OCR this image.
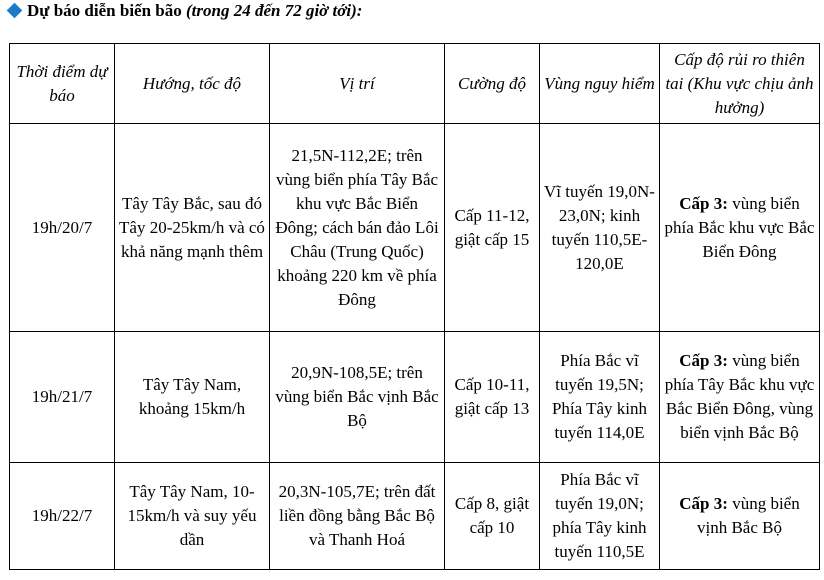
Dự báo diễn biến bão (trong 24 đến 72 giờ tới):
Thời điểm dự báo	Hướng, tốc độ	Vị trí	Cường độ	Vùng nguy hiểm	Cấp độ rủi ro thiên tai (Khu vực chịu ảnh hưởng)
19h/20/7	Tây Tây Bắc, sau đó Tây 20-25km/h và có khả năng mạnh thêm	21,5N-112,2E; trên vùng biển phía Tây Bắc khu vực Bắc Biển Đông; cách bán đảo Lôi Châu (Trung Quốc) khoảng 220 km về phía Đông	Cấp 11-12, giật cấp 15	Vĩ tuyến 19,0N-23,0N; kinh tuyến 110,5E-120,0E	Cấp 3: vùng biển phía Bắc khu vực Bắc Biển Đông
19h/21/7	Tây Tây Nam, khoảng 15km/h	20,9N-108,5E; trên vùng biển Bắc vịnh Bắc Bộ	Cấp 10-11, giật cấp 13	Phía Bắc vĩ tuyến 19,5N; Phía Tây kinh tuyến 114,0E	Cấp 3: vùng biển phía Tây Bắc khu vực Bắc Biển Đông, vùng biển vịnh Bắc Bộ
19h/22/7	Tây Tây Nam, 10-15km/h và suy yếu dần	20,3N-105,7E; trên đất liền đồng bằng Bắc Bộ và Thanh Hoá	Cấp 8, giật cấp 10	Phía Bắc vĩ tuyến 19,0N; phía Tây kinh tuyến 110,5E	Cấp 3: vùng biển vịnh Bắc Bộ
